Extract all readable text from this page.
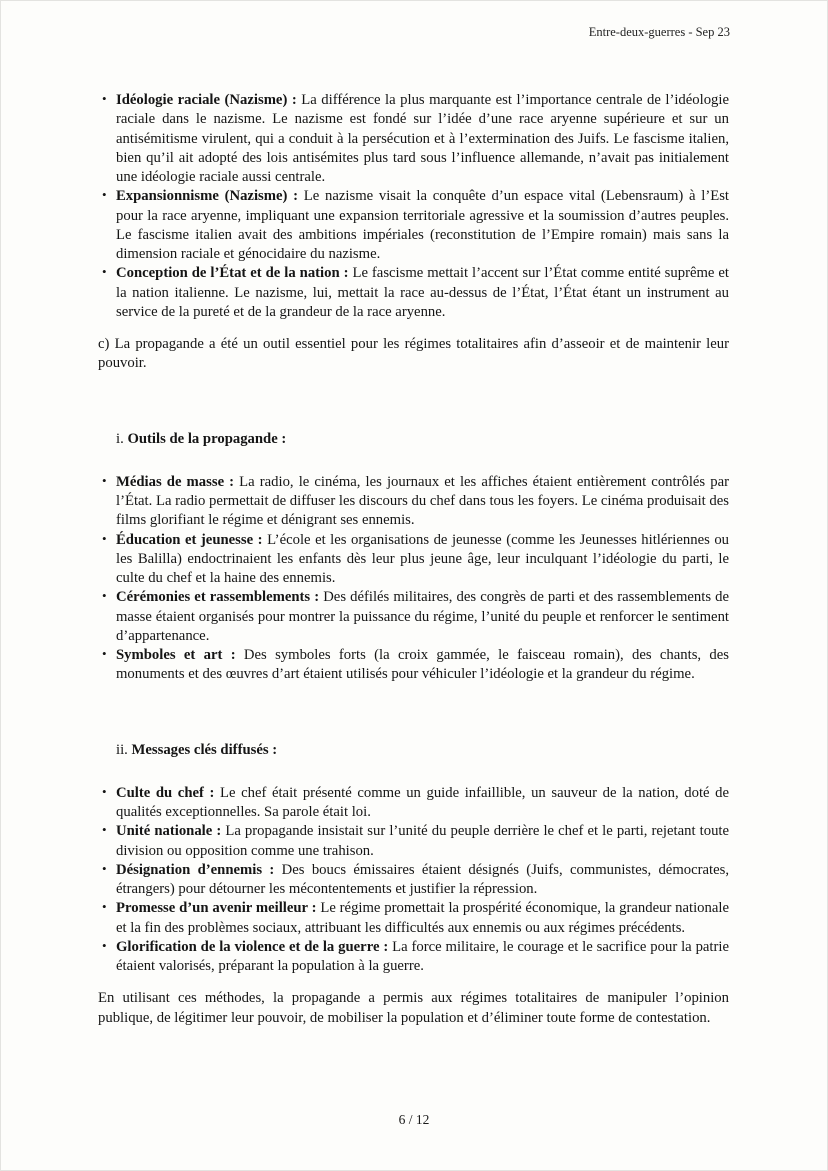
Entre-deux-guerres - Sep 23
• Idéologie raciale (Nazisme) : La différence la plus marquante est l’importance centrale de l’idéologie raciale dans le nazisme. Le nazisme est fondé sur l’idée d’une race aryenne supérieure et sur un antisémitisme virulent, qui a conduit à la persécution et à l’extermination des Juifs. Le fascisme italien, bien qu’il ait adopté des lois antisémites plus tard sous l’influence allemande, n’avait pas initialement une idéologie raciale aussi centrale.
• Expansionnisme (Nazisme) : Le nazisme visait la conquête d’un espace vital (Lebensraum) à l’Est pour la race aryenne, impliquant une expansion territoriale agressive et la soumission d’autres peuples. Le fascisme italien avait des ambitions impériales (reconstitution de l’Empire romain) mais sans la dimension raciale et génocidaire du nazisme.
• Conception de l’État et de la nation : Le fascisme mettait l’accent sur l’État comme entité suprême et la nation italienne. Le nazisme, lui, mettait la race au-dessus de l’État, l’État étant un instrument au service de la pureté et de la grandeur de la race aryenne.

c) La propagande a été un outil essentiel pour les régimes totalitaires afin d’asseoir et de maintenir leur pouvoir.

i. Outils de la propagande :

• Médias de masse : La radio, le cinéma, les journaux et les affiches étaient entièrement contrôlés par l’État. La radio permettait de diffuser les discours du chef dans tous les foyers. Le cinéma produisait des films glorifiant le régime et dénigrant ses ennemis.
• Éducation et jeunesse : L’école et les organisations de jeunesse (comme les Jeunesses hitlériennes ou les Balilla) endoctrinaient les enfants dès leur plus jeune âge, leur inculquant l’idéologie du parti, le culte du chef et la haine des ennemis.
• Cérémonies et rassemblements : Des défilés militaires, des congrès de parti et des rassemblements de masse étaient organisés pour montrer la puissance du régime, l’unité du peuple et renforcer le sentiment d’appartenance.
• Symboles et art : Des symboles forts (la croix gammée, le faisceau romain), des chants, des monuments et des œuvres d’art étaient utilisés pour véhiculer l’idéologie et la grandeur du régime.

ii. Messages clés diffusés :

• Culte du chef : Le chef était présenté comme un guide infaillible, un sauveur de la nation, doté de qualités exceptionnelles. Sa parole était loi.
• Unité nationale : La propagande insistait sur l’unité du peuple derrière le chef et le parti, rejetant toute division ou opposition comme une trahison.
• Désignation d’ennemis : Des boucs émissaires étaient désignés (Juifs, communistes, démocrates, étrangers) pour détourner les mécontentements et justifier la répression.
• Promesse d’un avenir meilleur : Le régime promettait la prospérité économique, la grandeur nationale et la fin des problèmes sociaux, attribuant les difficultés aux ennemis ou aux régimes précédents.
• Glorification de la violence et de la guerre : La force militaire, le courage et le sacrifice pour la patrie étaient valorisés, préparant la population à la guerre.

En utilisant ces méthodes, la propagande a permis aux régimes totalitaires de manipuler l’opinion publique, de légitimer leur pouvoir, de mobiliser la population et d’éliminer toute forme de contestation.

6 / 12
